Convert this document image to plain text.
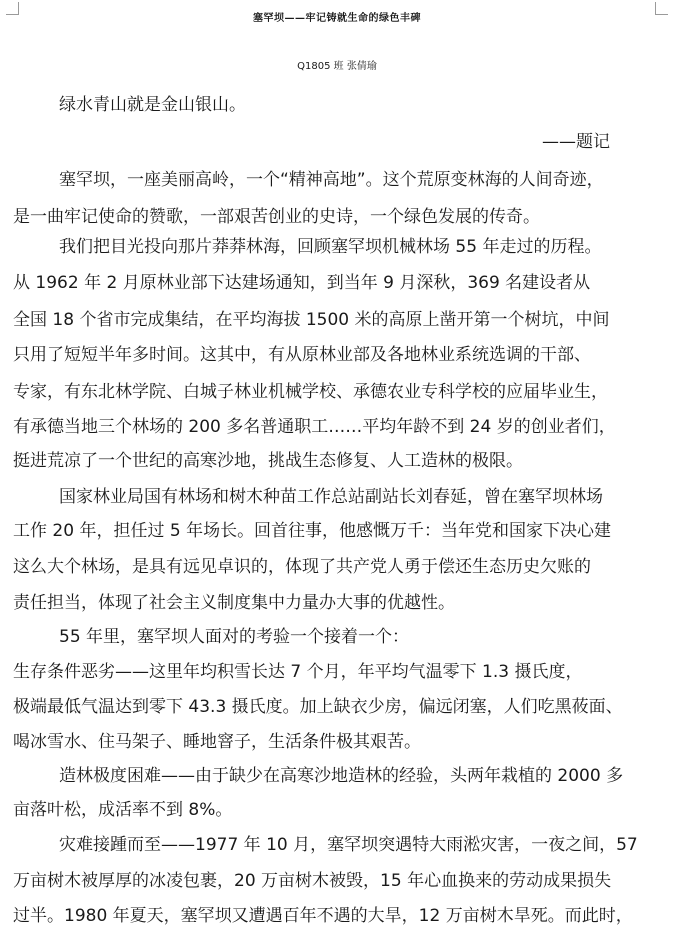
塞罕坝——牢记铸就生命的绿色丰碑
Q1805 班 张倩瑜
绿水青山就是金山银山。
——题记
塞罕坝，一座美丽高岭，一个“精神高地”。这个荒原变林海的人间奇迹，
是一曲牢记使命的赞歌，一部艰苦创业的史诗，一个绿色发展的传奇。
我们把目光投向那片莽莽林海，回顾塞罕坝机械林场 55 年走过的历程。
从 1962 年 2 月原林业部下达建场通知，到当年 9 月深秋，369 名建设者从
全国 18 个省市完成集结，在平均海拔 1500 米的高原上凿开第一个树坑，中间
只用了短短半年多时间。这其中，有从原林业部及各地林业系统选调的干部、
专家，有东北林学院、白城子林业机械学校、承德农业专科学校的应届毕业生，
有承德当地三个林场的 200 多名普通职工……平均年龄不到 24 岁的创业者们，
挺进荒凉了一个世纪的高寒沙地，挑战生态修复、人工造林的极限。
国家林业局国有林场和树木种苗工作总站副站长刘春延，曾在塞罕坝林场
工作 20 年，担任过 5 年场长。回首往事，他感慨万千：当年党和国家下决心建
这么大个林场，是具有远见卓识的，体现了共产党人勇于偿还生态历史欠账的
责任担当，体现了社会主义制度集中力量办大事的优越性。
55 年里，塞罕坝人面对的考验一个接着一个：
生存条件恶劣——这里年均积雪长达 7 个月，年平均气温零下 1.3 摄氏度，
极端最低气温达到零下 43.3 摄氏度。加上缺衣少房，偏远闭塞，人们吃黑莜面、
喝冰雪水、住马架子、睡地窨子，生活条件极其艰苦。
造林极度困难——由于缺少在高寒沙地造林的经验，头两年栽植的 2000 多
亩落叶松，成活率不到 8%。
灾难接踵而至——1977 年 10 月，塞罕坝突遇特大雨淞灾害，一夜之间，57
万亩树木被厚厚的冰凌包裹，20 万亩树木被毁，15 年心血换来的劳动成果损失
过半。1980 年夏天，塞罕坝又遭遇百年不遇的大旱，12 万亩树木旱死。而此时，
